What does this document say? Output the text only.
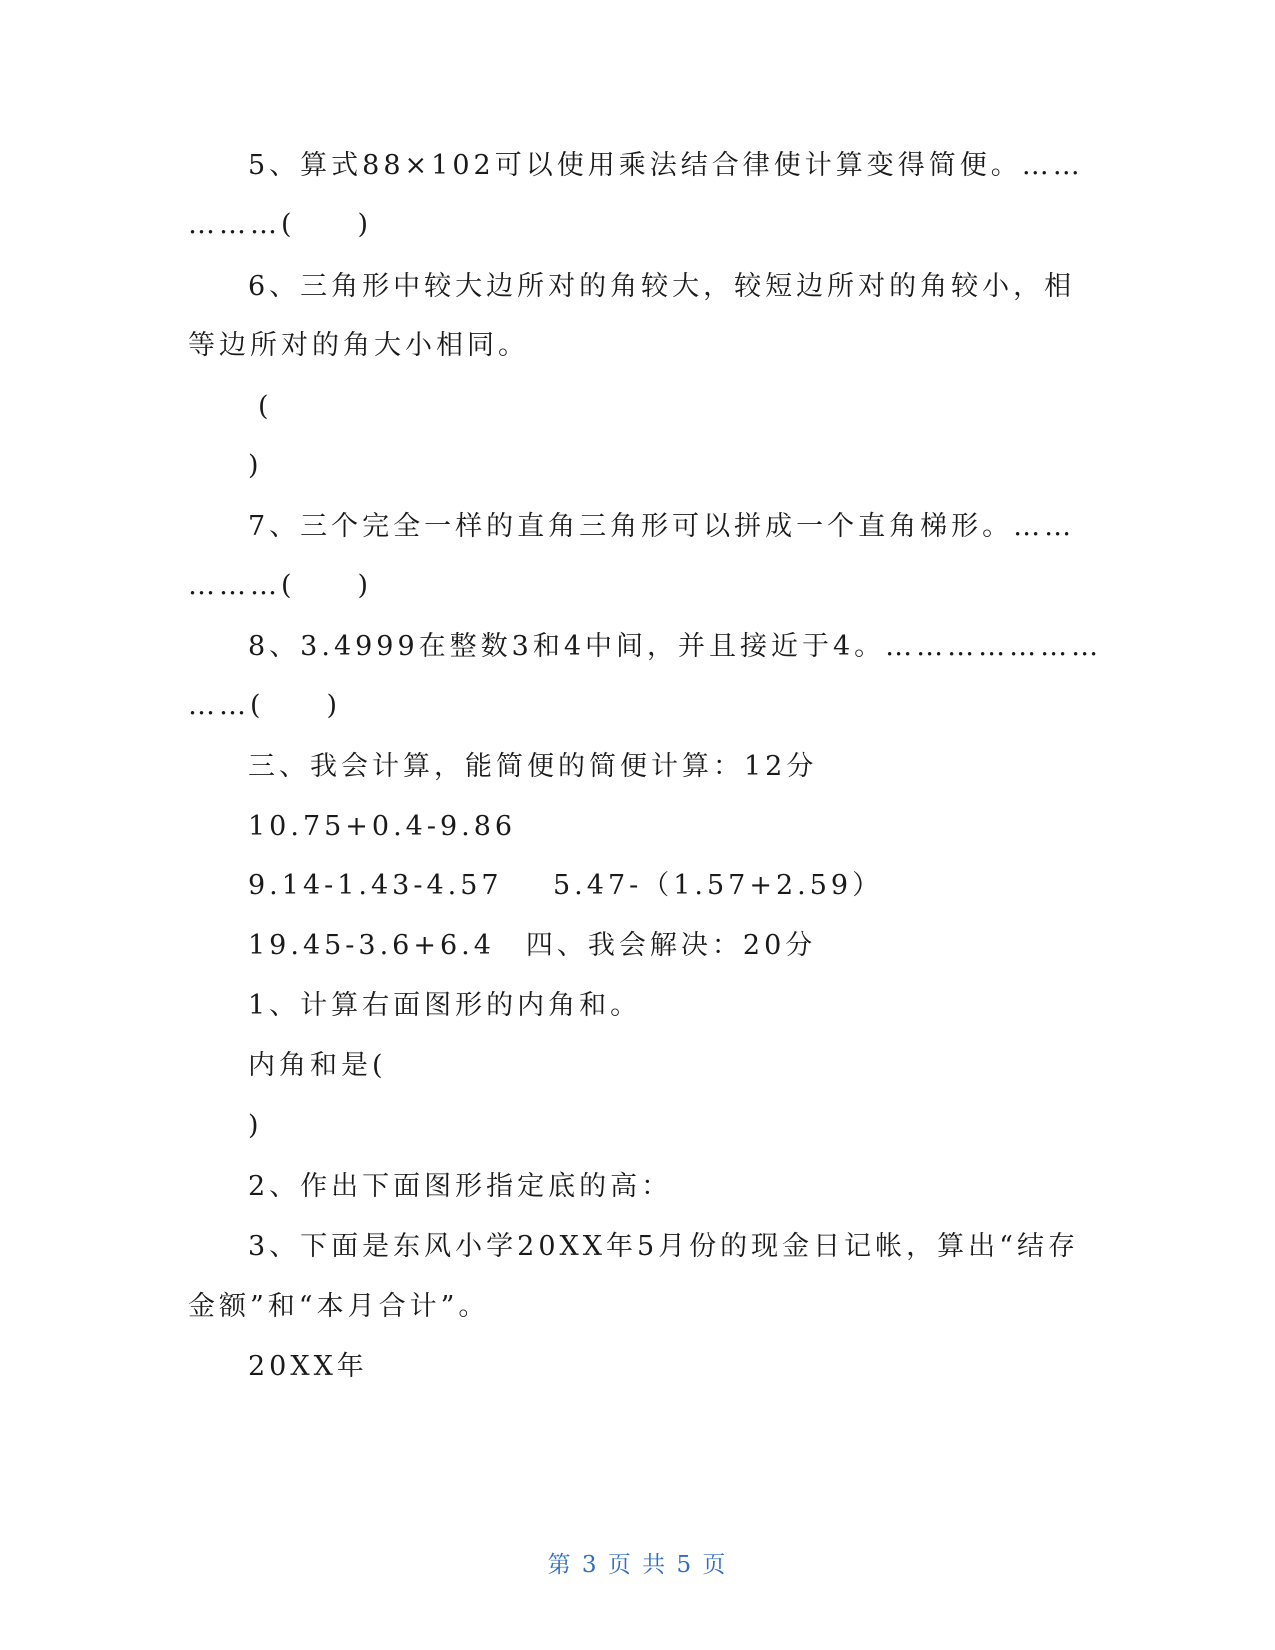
5、算式88×102可以使用乘法结合律使计算变得简便。……
………(　　)
6、三角形中较大边所对的角较大，较短边所对的角较小，相
等边所对的角大小相同。
(
)
7、三个完全一样的直角三角形可以拼成一个直角梯形。……
………(　　)
8、3.4999在整数3和4中间，并且接近于4。…………………
……(　　)
三、我会计算，能简便的简便计算：12分
10.75+0.4-9.86
9.14-1.43-4.57 5.47-（1.57+2.59）
19.45-3.6+6.4　四、我会解决：20分
1、计算右面图形的内角和。
内角和是(
)
2、作出下面图形指定底的高：
3、下面是东风小学20XX年5月份的现金日记帐，算出“结存
金额”和“本月合计”。
20XX年
第 3 页 共 5 页
